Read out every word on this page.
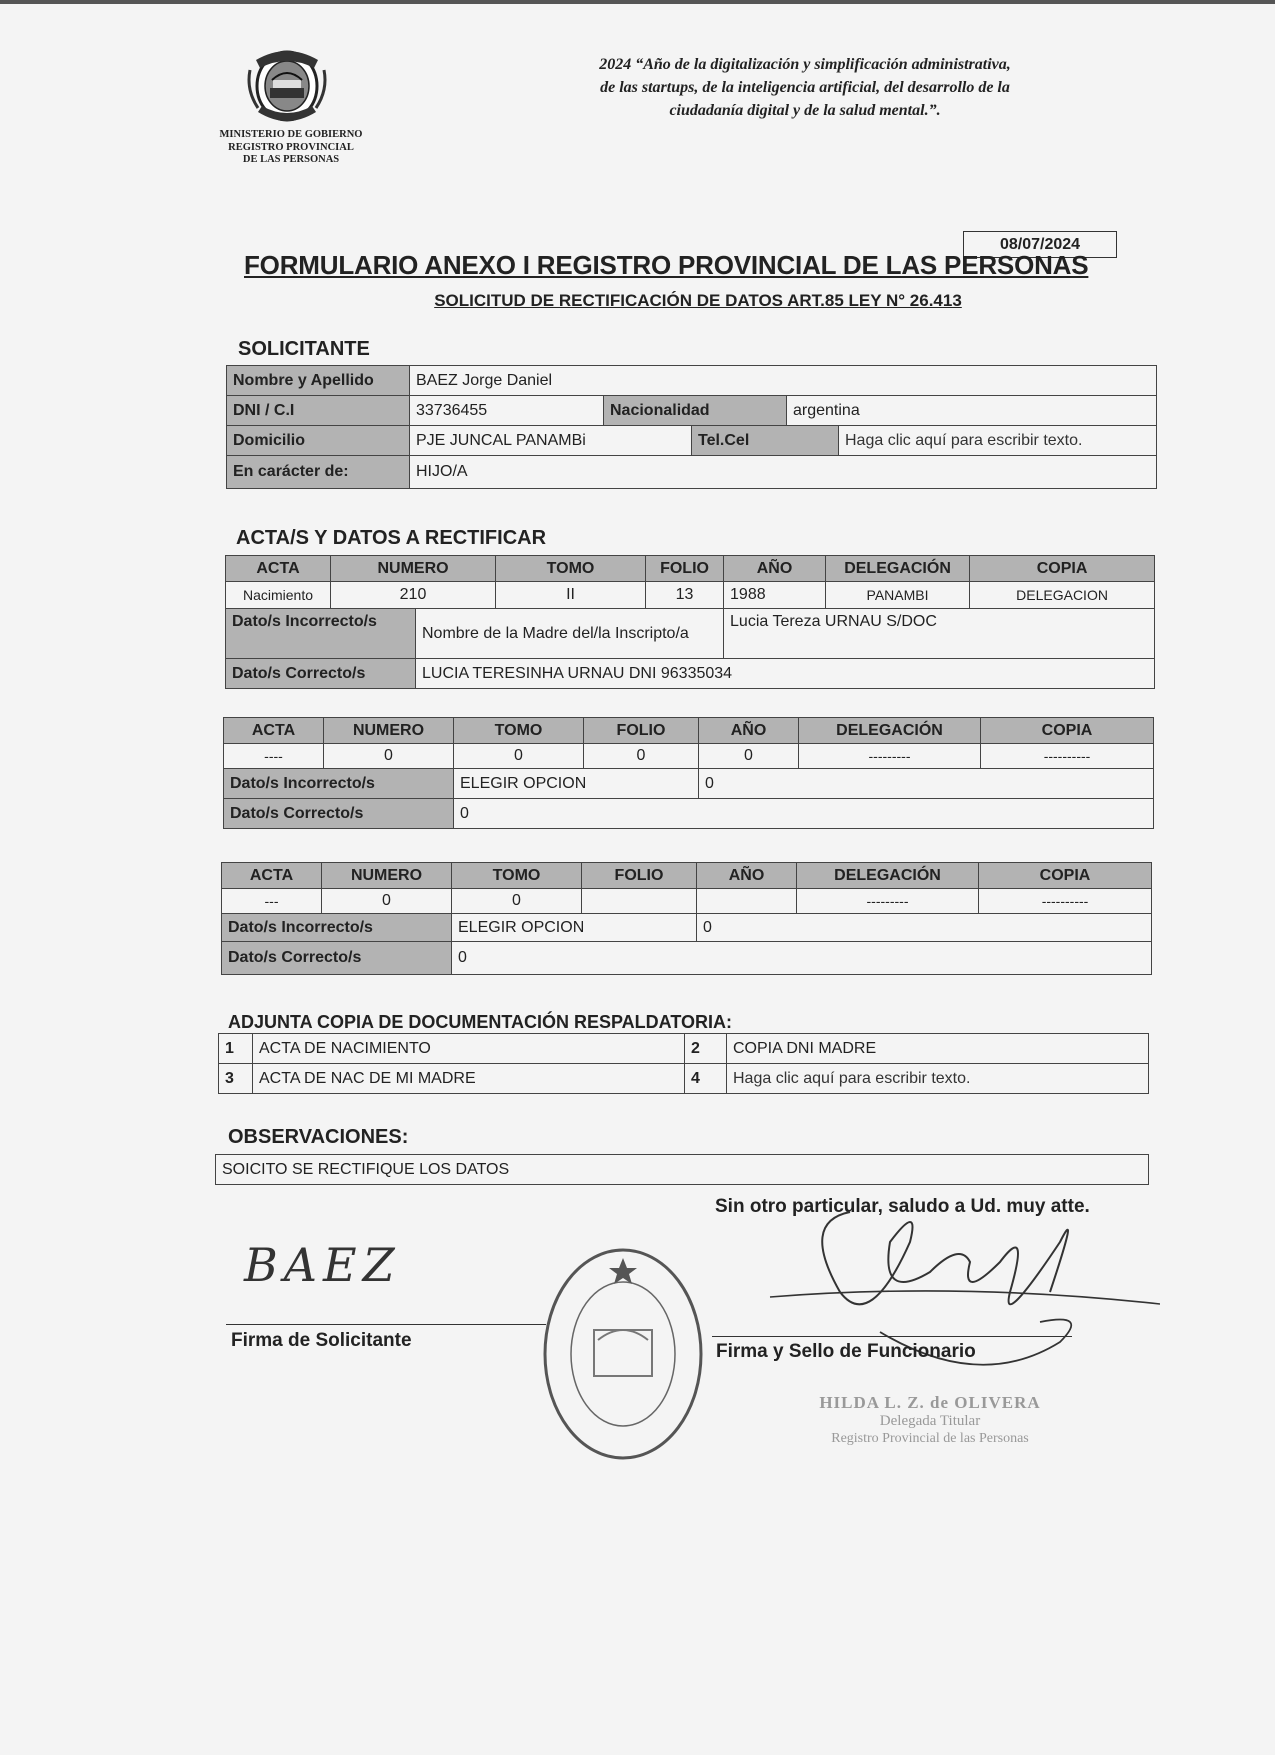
MINISTERIO DE GOBIERNO
REGISTRO PROVINCIAL
DE LAS PERSONAS
2024 “Año de la digitalización y simplificación administrativa,
de las startups, de la inteligencia artificial, del desarrollo de la
ciudadanía digital y de la salud mental.”.
08/07/2024
FORMULARIO ANEXO I REGISTRO PROVINCIAL DE LAS PERSONAS
SOLICITUD DE RECTIFICACIÓN DE DATOS ART.85 LEY N° 26.413
SOLICITANTE
Nombre y Apellido	BAEZ Jorge Daniel				
DNI / C.I	33736455	Nacionalidad		argentina	
Domicilio	PJE JUNCAL PANAMBi		Tel.Cel		Haga clic aquí para escribir texto.
En carácter de:	HIJO/A				
ACTA/S Y DATOS A RECTIFICAR
ACTA	NUMERO		TOMO	FOLIO	AÑO	DELEGACIÓN	COPIA
Nacimiento	210		II	13	1988	PANAMBI	DELEGACION
Dato/s Incorrecto/s		Nombre de la Madre del/la Inscripto/a			Lucia Tereza URNAU S/DOC		
Dato/s Correcto/s		LUCIA TERESINHA URNAU DNI 96335034					
ACTA	NUMERO	TOMO	FOLIO	AÑO	DELEGACIÓN	COPIA
----	0	0	0	0	---------	----------
Dato/s Incorrecto/s		ELEGIR OPCION		0		
Dato/s Correcto/s		0				
ACTA	NUMERO	TOMO	FOLIO	AÑO	DELEGACIÓN	COPIA
---	0	0			---------	----------
Dato/s Incorrecto/s		ELEGIR OPCION		0		
Dato/s Correcto/s		0				
ADJUNTA COPIA DE DOCUMENTACIÓN RESPALDATORIA:
1	ACTA DE NACIMIENTO	2	COPIA DNI MADRE
3	ACTA DE NAC DE MI MADRE	4	Haga clic aquí para escribir texto.
OBSERVACIONES:
SOICITO SE RECTIFIQUE LOS DATOS
Sin otro particular, saludo a Ud. muy atte.
BAEZ
Firma de Solicitante
Firma y Sello de Funcionario
HILDA L. Z. de OLIVERA
Delegada Titular
Registro Provincial de las Personas
